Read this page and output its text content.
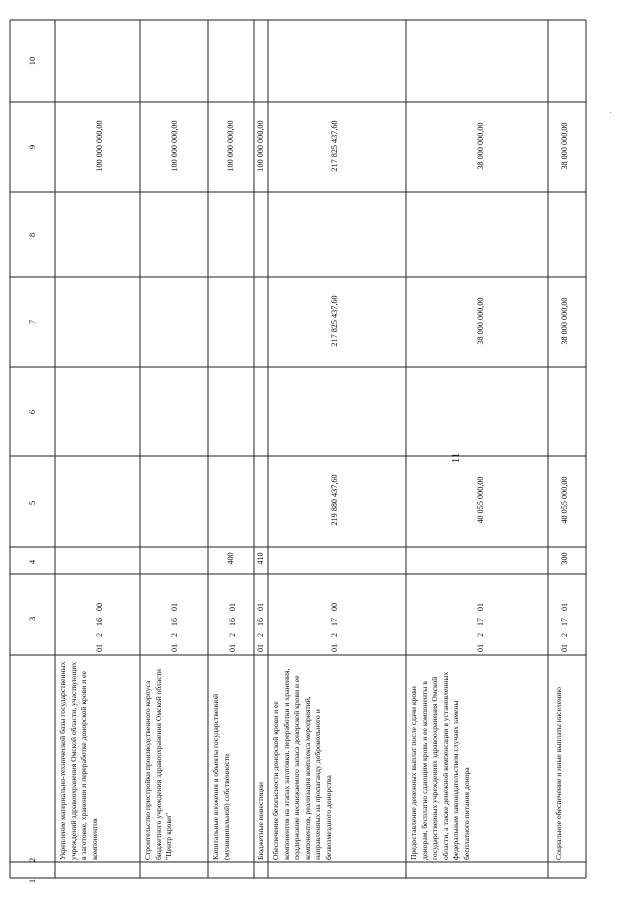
11
1
2
3
4
5
6
7
8
9
10
Укрепление материально-технической базы государственных учреждений здравоохранения Омской области, участвующих в заготовке, хранении и переработке донорской крови и ее компонентов
01 2 16 00
100 000 000,00
Строительство пристройки производственного корпуса бюджетного учреждения здравоохранения Омской области "Центр крови"
01 2 16 01
100 000 000,00
Капитальные вложения в объекты государственной (муниципальной) собственности
01 2 16 01
400
100 000 000,00
Бюджетные инвестиции
01 2 16 01
410
100 000 000,00
Обеспечение безопасности донорской крови и ее компонентов на этапах заготовки, переработки и хранения, поддержание неснижаемого запаса донорской крови и ее компонентов, реализация комплекса мероприятий, направленных на пропаганду добровольного и безвозмездного донорства
01 2 17 00
219 880 437,60
217 825 437,60
217 825 437,60
Предоставление денежных выплат после сдачи крови донорам, бесплатно сдающим кровь и ее компоненты в государственных учреждениях здравоохранения Омской области, а также денежной компенсации в установленных федеральным законодательством случаях замены бесплатного питания донора
01 2 17 01
40 055 000,00
38 000 000,00
38 000 000,00
Социальное обеспечение и иные выплаты населению
01 2 17 01
300
40 055 000,00
38 000 000,00
38 000 000,00
